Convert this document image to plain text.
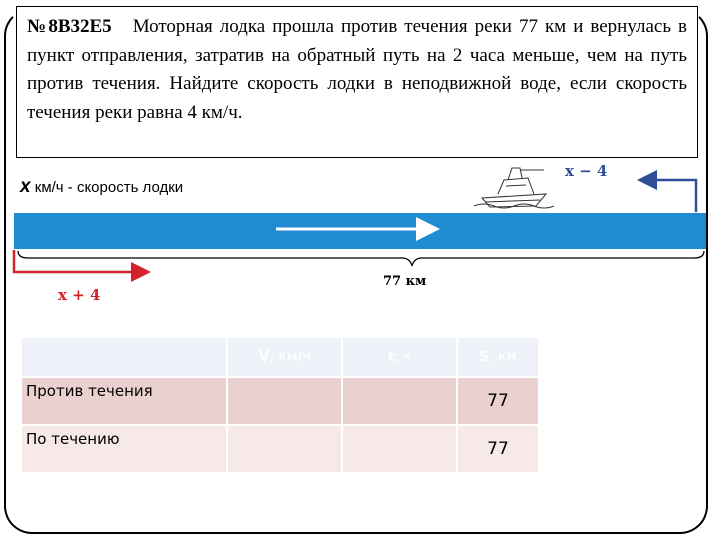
№8В32Е5 Моторная лодка прошла против течения реки 77 км и вернулась в пункт отправления, затратив на обратный путь на 2 часа меньше, чем на путь против течения. Найдите скорость лодки в неподвижной воде, если скорость течения реки равна 4 км/ч.
x км/ч - скорость лодки
x − 4
x + 4
77 км
	V, км/ч	t, ч	S, км
Против течения			77
По течению			77
